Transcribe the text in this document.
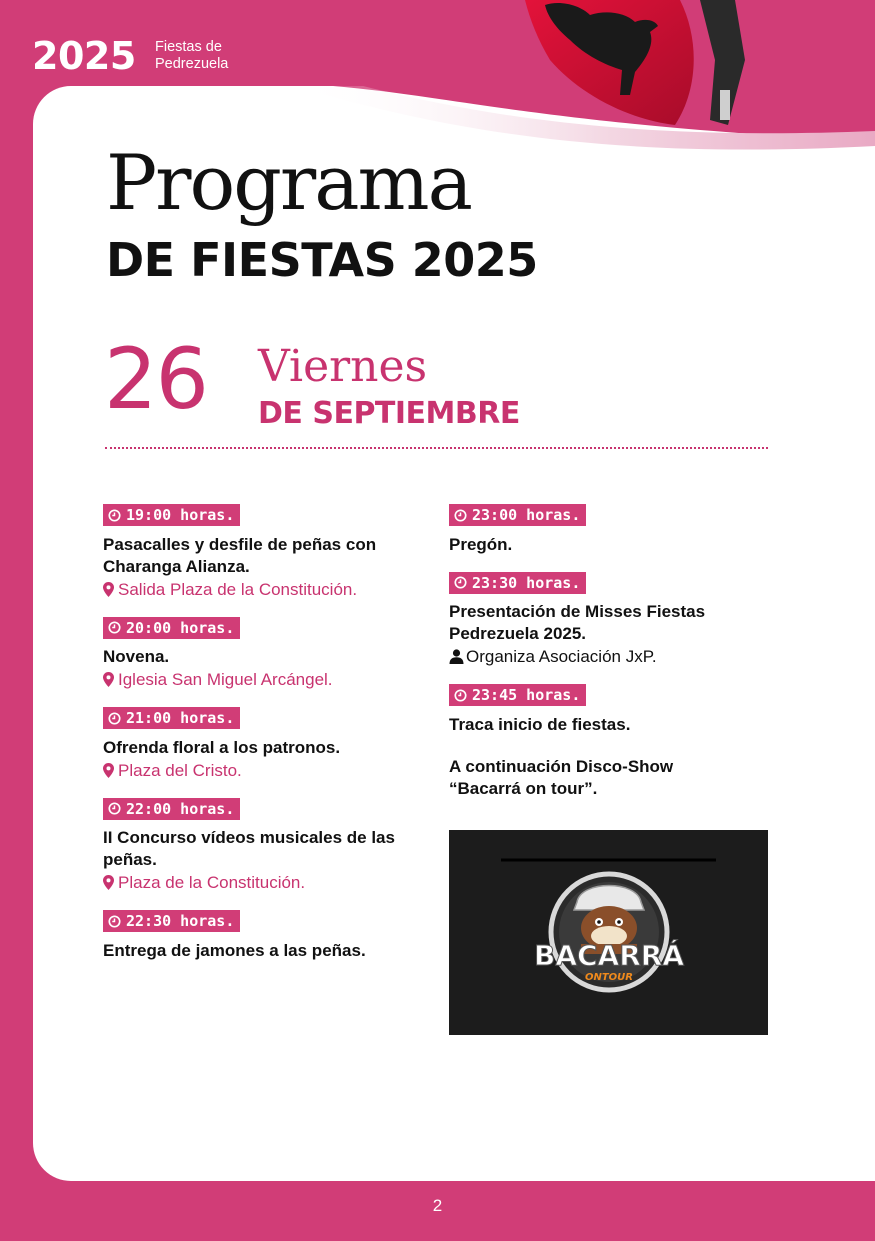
2025 Fiestas de
Pedrezuela
Programa
DE FIESTAS 2025
26 Viernes
DE SEPTIEMBRE
19:00 horas.
Pasacalles y desfile de peñas con Charanga Alianza.
Salida Plaza de la Constitución.
20:00 horas.
Novena.
Iglesia San Miguel Arcángel.
21:00 horas.
Ofrenda floral a los patronos.
Plaza del Cristo.
22:00 horas.
II Concurso vídeos musicales de las peñas.
Plaza de la Constitución.
22:30 horas.
Entrega de jamones a las peñas.
23:00 horas.
Pregón.
23:30 horas.
Presentación de Misses Fiestas Pedrezuela 2025.
Organiza Asociación JxP.
23:45 horas.
Traca inicio de fiestas.
A continuación Disco-Show
“Bacarrá on tour”.
BACARRÁ
ONTOUR
2
